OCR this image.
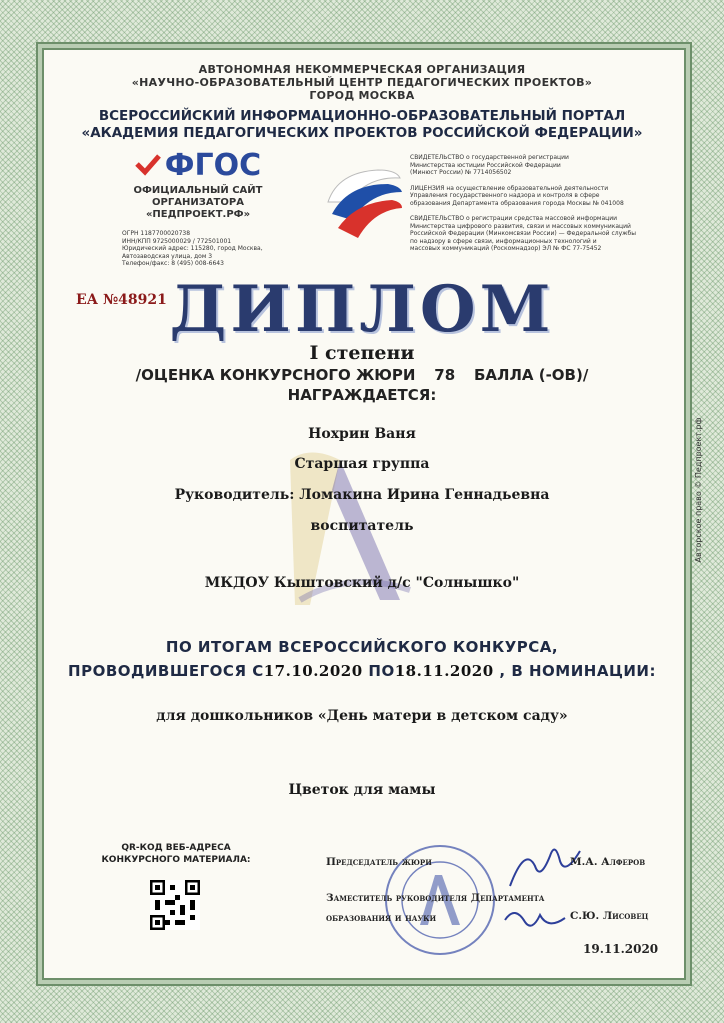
АВТОНОМНАЯ НЕКОММЕРЧЕСКАЯ ОРГАНИЗАЦИЯ
«НАУЧНО-ОБРАЗОВАТЕЛЬНЫЙ ЦЕНТР ПЕДАГОГИЧЕСКИХ ПРОЕКТОВ»
ГОРОД МОСКВА
ВСЕРОССИЙСКИЙ ИНФОРМАЦИОННО-ОБРАЗОВАТЕЛЬНЫЙ ПОРТАЛ
«АКАДЕМИЯ ПЕДАГОГИЧЕСКИХ ПРОЕКТОВ РОССИЙСКОЙ ФЕДЕРАЦИИ»
ФГОС
ОФИЦИАЛЬНЫЙ САЙТ
ОРГАНИЗАТОРА
«ПЕДПРОЕКТ.РФ»
ОГРН 1187700020738
ИНН/КПП 9725000029 / 772501001
Юридический адрес: 115280, город Москва,
Автозаводская улица, дом 3
Телефон/факс: 8 (495) 008-6643
СВИДЕТЕЛЬСТВО о государственной регистрации
Министерства юстиции Российской Федерации
(Минюст России) № 7714056502
ЛИЦЕНЗИЯ на осуществление образовательной деятельности
Управления государственного надзора и контроля в сфере
образования Департамента образования города Москвы № 041008
СВИДЕТЕЛЬСТВО о регистрации средства массовой информации
Министерства цифрового развития, связи и массовых коммуникаций
Российской Федерации (Минкомсвязи России) — Федеральной службы
по надзору в сфере связи, информационных технологий и
массовых коммуникаций (Роскомнадзор) ЭЛ № ФС 77-75452
ЕА №48921 ДИПЛОМ
I степени
/ОЦЕНКА КОНКУРСНОГО ЖЮРИ 78 БАЛЛА (-ОВ)/
НАГРАЖДАЕТСЯ:
Нохрин Ваня
Старшая группа
Руководитель: Ломакина Ирина Геннадьевна
воспитатель
МКДОУ Кыштовский д/с "Солнышко"
ПО ИТОГАМ ВСЕРОССИЙСКОГО КОНКУРСА,
ПРОВОДИВШЕГОСЯ С17.10.2020 ПО18.11.2020 , В НОМИНАЦИИ:
для дошкольников «День матери в детском саду»
Цветок для мамы
QR-КОД ВЕБ-АДРЕСА
КОНКУРСНОГО МАТЕРИАЛА:	Председатель жюри	М.А. Алферов
Заместитель руководителя Департамента
образования и науки	С.Ю. Лисовец
19.11.2020
Авторское право © Педпроект.рф
